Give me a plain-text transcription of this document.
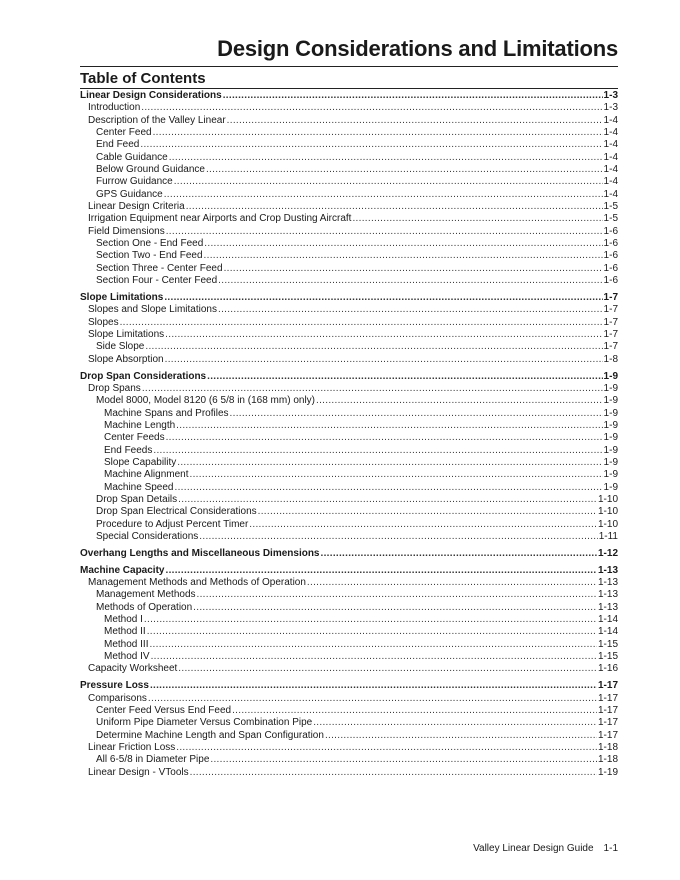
Design Considerations and Limitations
Table of Contents
Linear Design Considerations .....	1-3
Introduction .....	1-3
Description of the Valley Linear .....	1-4
Center Feed .....	1-4
End Feed .....	1-4
Cable Guidance .....	1-4
Below Ground Guidance .....	1-4
Furrow Guidance .....	1-4
GPS Guidance .....	1-4
Linear Design Criteria .....	1-5
Irrigation Equipment near Airports and Crop Dusting Aircraft .....	1-5
Field Dimensions .....	1-6
Section One - End Feed .....	1-6
Section Two - End Feed .....	1-6
Section Three - Center Feed .....	1-6
Section Four - Center Feed .....	1-6
Slope Limitations .....	1-7
Slopes and Slope Limitations .....	1-7
Slopes .....	1-7
Slope Limitations .....	1-7
Side Slope .....	1-7
Slope Absorption .....	1-8
Drop Span Considerations .....	1-9
Drop Spans .....	1-9
Model 8000, Model 8120 (6 5/8 in (168 mm) only) .....	1-9
Machine Spans and Profiles .....	1-9
Machine Length .....	1-9
Center Feeds .....	1-9
End Feeds .....	1-9
Slope Capability .....	1-9
Machine Alignment .....	1-9
Machine Speed .....	1-9
Drop Span Details .....	1-10
Drop Span Electrical Considerations .....	1-10
Procedure to Adjust Percent Timer .....	1-10
Special Considerations .....	1-11
Overhang Lengths and Miscellaneous Dimensions .....	1-12
Machine Capacity .....	1-13
Management Methods and Methods of Operation .....	1-13
Management Methods .....	1-13
Methods of Operation .....	1-13
Method I .....	1-14
Method II .....	1-14
Method III .....	1-15
Method IV .....	1-15
Capacity Worksheet .....	1-16
Pressure Loss .....	1-17
Comparisons .....	1-17
Center Feed Versus End Feed .....	1-17
Uniform Pipe Diameter Versus Combination Pipe .....	1-17
Determine Machine Length and Span Configuration .....	1-17
Linear Friction Loss .....	1-18
All 6-5/8 in Diameter Pipe .....	1-18
Linear Design - VTools .....	1-19
Valley Linear Design Guide 1-1
